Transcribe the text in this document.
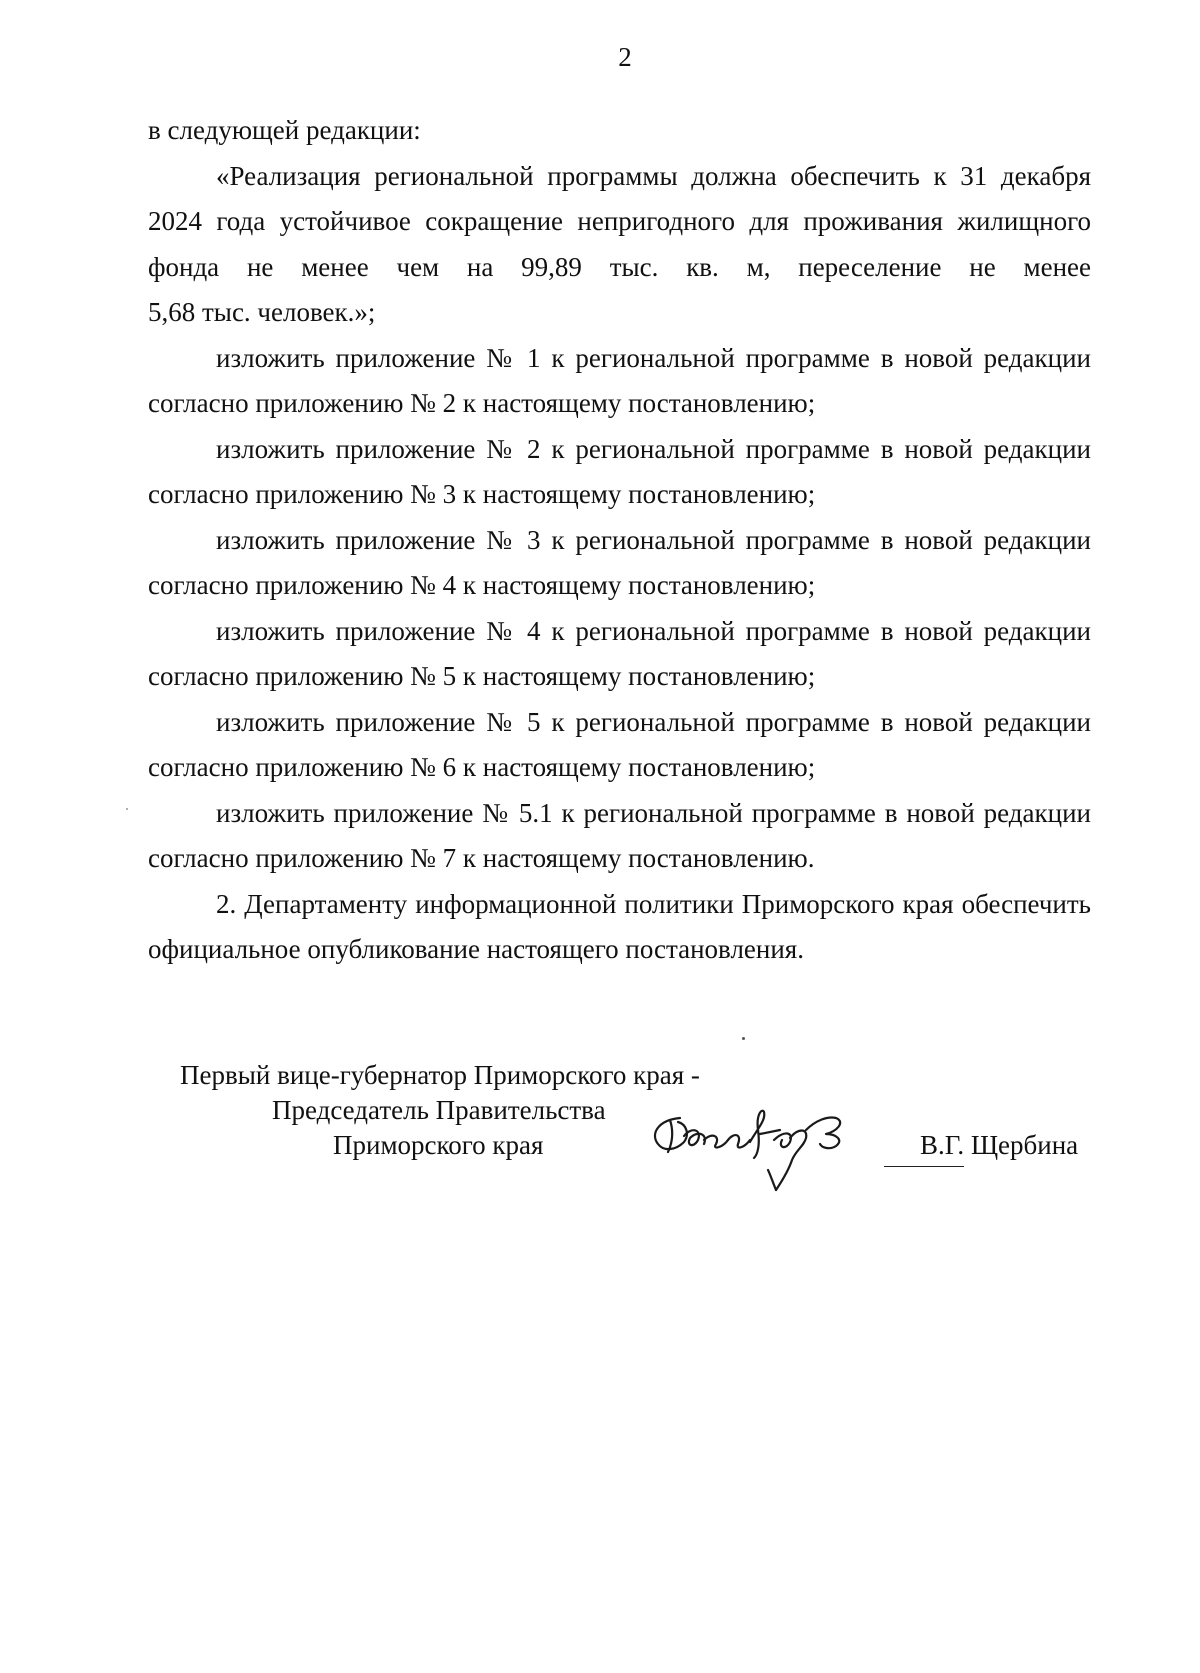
2

в следующей редакции:

«Реализация региональной программы должна обеспечить к 31 декабря 2024 года устойчивое сокращение непригодного для проживания жилищного фонда не менее чем на 99,89 тыс. кв. м, переселение не менее

5,68 тыс. человек.»;

изложить приложение № 1 к региональной программе в новой редакции согласно приложению № 2 к настоящему постановлению;

изложить приложение № 2 к региональной программе в новой редакции согласно приложению № 3 к настоящему постановлению;

изложить приложение № 3 к региональной программе в новой редакции согласно приложению № 4 к настоящему постановлению;

изложить приложение № 4 к региональной программе в новой редакции согласно приложению № 5 к настоящему постановлению;

изложить приложение № 5 к региональной программе в новой редакции согласно приложению № 6 к настоящему постановлению;

изложить приложение № 5.1 к региональной программе в новой редакции согласно приложению № 7 к настоящему постановлению.

2. Департаменту информационной политики Приморского края обеспечить официальное опубликование настоящего постановления.

Первый вице-губернатор Приморского края -
Председатель Правительства
Приморского края	В.Г. Щербина
